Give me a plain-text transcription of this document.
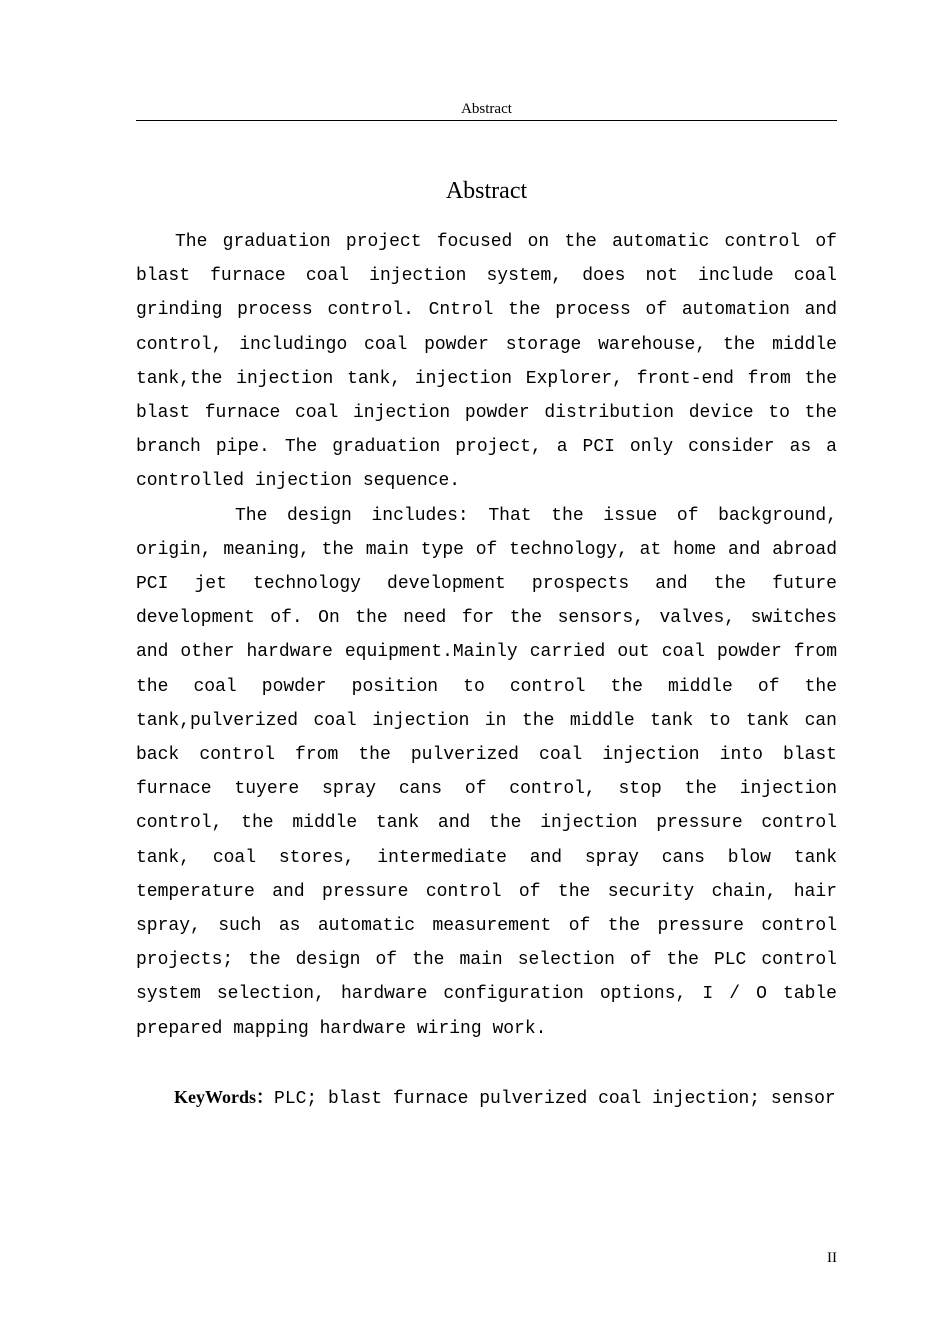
Abstract
Abstract

The graduation project focused on the automatic control of blast furnace coal injection system, does not include coal grinding process control. Cntrol the process of automation and control, includingo coal powder storage warehouse, the middle tank,the injection tank, injection Explorer, front-end from the blast furnace coal injection powder distribution device to the branch pipe. The graduation project, a PCI only consider as a controlled injection sequence.

The design includes: That the issue of background, origin, meaning, the main type of technology, at home and abroad PCI jet technology development prospects and the future development of. On the need for the sensors, valves, switches and other hardware equipment.Mainly carried out coal powder from the coal powder position to control the middle of the tank,pulverized coal injection in the middle tank to tank can back control from the pulverized coal injection into blast furnace tuyere spray cans of control, stop the injection control, the middle tank and the injection pressure control tank, coal stores, intermediate and spray cans blow tank temperature and pressure control of the security chain, hair spray, such as automatic measurement of the pressure control projects; the design of the main selection of the PLC control system selection, hardware configuration options, I / O table prepared mapping hardware wiring work.

KeyWords：PLC; blast furnace pulverized coal injection; sensor

II
